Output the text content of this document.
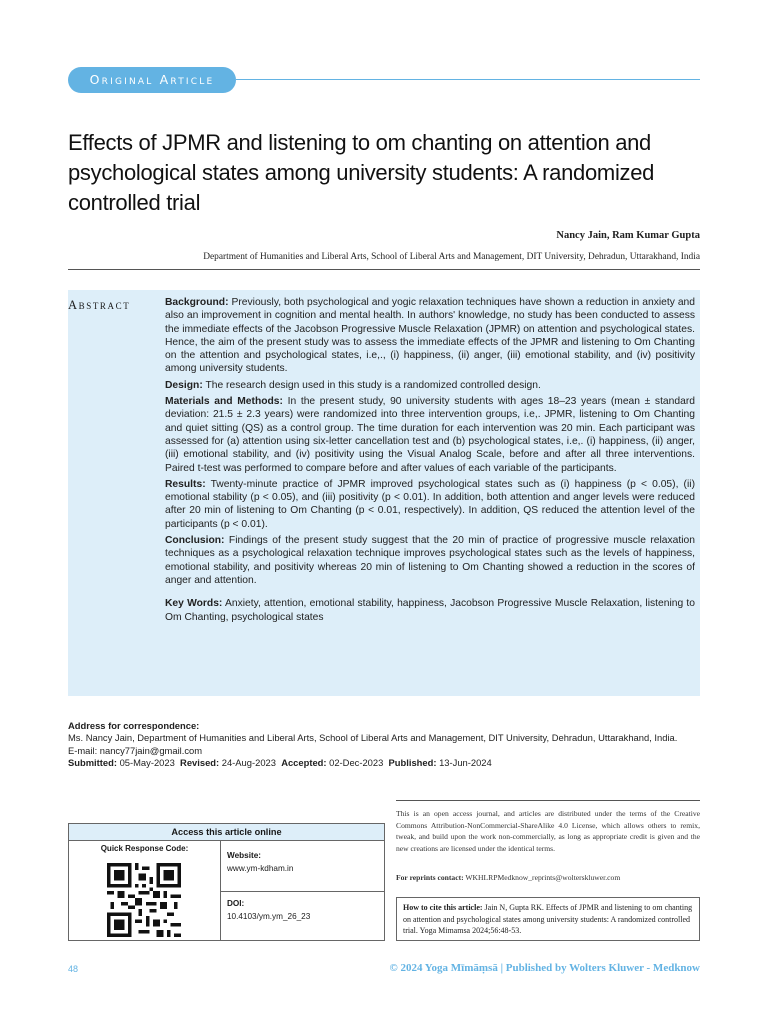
Original Article
Effects of JPMR and listening to om chanting on attention and psychological states among university students: A randomized controlled trial
Nancy Jain, Ram Kumar Gupta
Department of Humanities and Liberal Arts, School of Liberal Arts and Management, DIT University, Dehradun, Uttarakhand, India
Abstract	Background: Previously, both psychological and yogic relaxation techniques have shown a reduction in anxiety and also an improvement in cognition and mental health. In authors' knowledge, no study has been conducted to assess the immediate effects of the Jacobson Progressive Muscle Relaxation (JPMR) on attention and psychological states. Hence, the aim of the present study was to assess the immediate effects of the JPMR and listening to Om Chanting on the attention and psychological states, i.e,., (i) happiness, (ii) anger, (iii) emotional stability, and (iv) positivity among university students.

Design: The research design used in this study is a randomized controlled design.

Materials and Methods: In the present study, 90 university students with ages 18–23 years (mean ± standard deviation: 21.5 ± 2.3 years) were randomized into three intervention groups, i.e,. JPMR, listening to Om Chanting and quiet sitting (QS) as a control group. The time duration for each intervention was 20 min. Each participant was assessed for (a) attention using six-letter cancellation test and (b) psychological states, i.e,. (i) happiness, (ii) anger, (iii) emotional stability, and (iv) positivity using the Visual Analog Scale, before and after all three interventions. Paired t-test was performed to compare before and after values of each variable of the participants.

Results: Twenty-minute practice of JPMR improved psychological states such as (i) happiness (p < 0.05), (ii) emotional stability (p < 0.05), and (iii) positivity (p < 0.01). In addition, both attention and anger levels were reduced after 20 min of listening to Om Chanting (p < 0.01, respectively). In addition, QS reduced the attention level of the participants (p < 0.01).

Conclusion: Findings of the present study suggest that the 20 min of practice of progressive muscle relaxation techniques as a psychological relaxation technique improves psychological states such as the levels of happiness, emotional stability, and positivity whereas 20 min of listening to Om Chanting showed a reduction in the scores of anger and attention.

Key Words: Anxiety, attention, emotional stability, happiness, Jacobson Progressive Muscle Relaxation, listening to Om Chanting, psychological states

Address for correspondence:
Ms. Nancy Jain, Department of Humanities and Liberal Arts, School of Liberal Arts and Management, DIT University, Dehradun, Uttarakhand, India.
E-mail: nancy77jain@gmail.com
Submitted: 05-May-2023 Revised: 24-Aug-2023 Accepted: 02-Dec-2023 Published: 13-Jun-2024
Access this article online
Quick Response Code:
Website:
www.ym-kdham.in
DOI:
10.4103/ym.ym_26_23
This is an open access journal, and articles are distributed under the terms of the Creative Commons Attribution-NonCommercial-ShareAlike 4.0 License, which allows others to remix, tweak, and build upon the work non-commercially, as long as appropriate credit is given and the new creations are licensed under the identical terms.
For reprints contact: WKHLRPMedknow_reprints@wolterskluwer.com
How to cite this article: Jain N, Gupta RK. Effects of JPMR and listening to om chanting on attention and psychological states among university students: A randomized controlled trial. Yoga Mimamsa 2024;56:48-53.
48	© 2024 Yoga Mīmāṃsā | Published by Wolters Kluwer - Medknow
